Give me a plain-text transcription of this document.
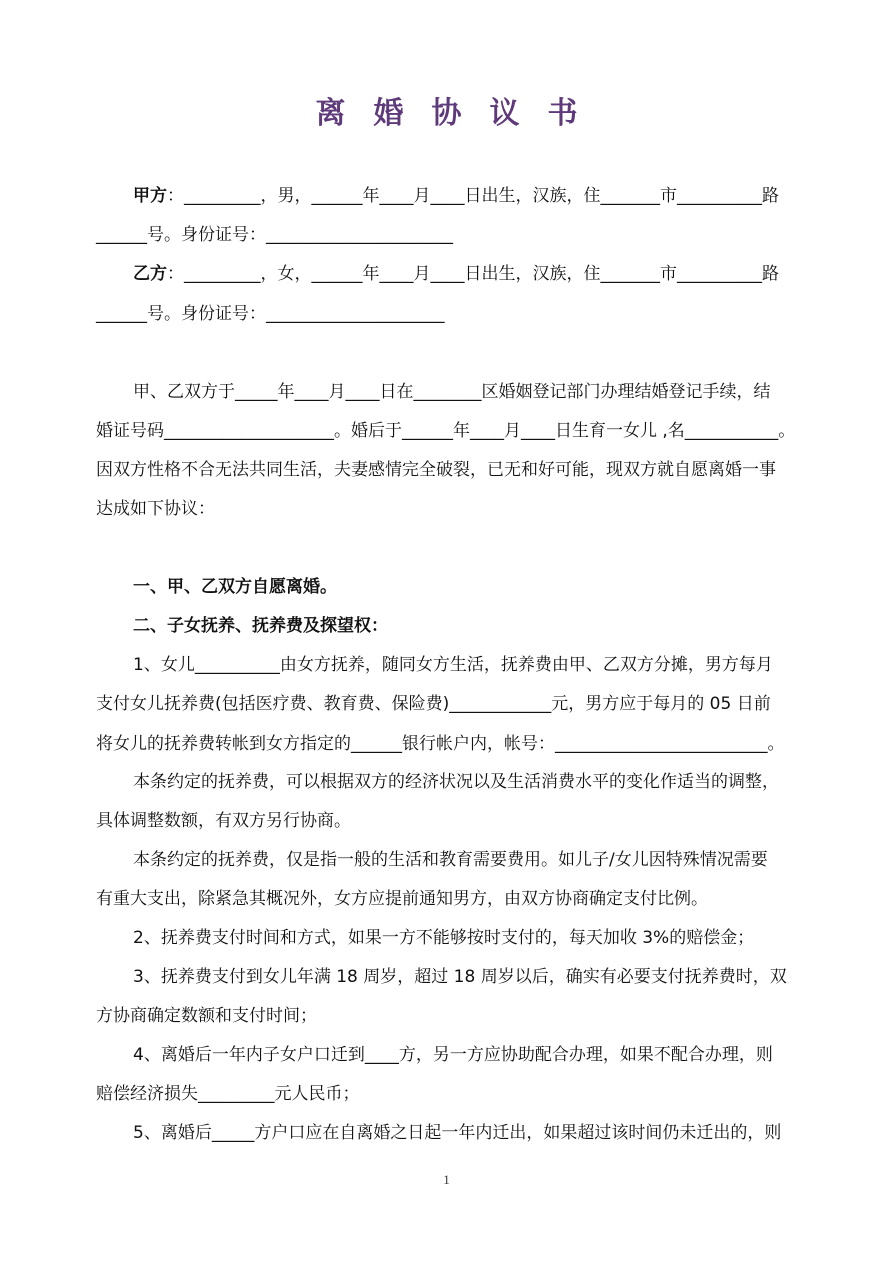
离婚协议书
甲方：_________，男，______年____月____日出生，汉族，住_______市__________路
______号。身份证号：______________________
乙方：_________，女，______年____月____日出生，汉族，住_______市__________路
______号。身份证号：_____________________
甲、乙双方于_____年____月____日在________区婚姻登记部门办理结婚登记手续，结
婚证号码____________________。婚后于______年____月____日生育一女儿 ,名___________。
因双方性格不合无法共同生活，夫妻感情完全破裂，已无和好可能，现双方就自愿离婚一事
达成如下协议：
一、甲、乙双方自愿离婚。
二、子女抚养、抚养费及探望权：
1、女儿__________由女方抚养，随同女方生活，抚养费由甲、乙双方分摊，男方每月
支付女儿抚养费(包括医疗费、教育费、保险费)____________元，男方应于每月的 05 日前
将女儿的抚养费转帐到女方指定的______银行帐户内，帐号：_________________________。
本条约定的抚养费，可以根据双方的经济状况以及生活消费水平的变化作适当的调整，
具体调整数额，有双方另行协商。
本条约定的抚养费，仅是指一般的生活和教育需要费用。如儿子/女儿因特殊情况需要
有重大支出，除紧急其概况外，女方应提前通知男方，由双方协商确定支付比例。
2、抚养费支付时间和方式，如果一方不能够按时支付的，每天加收 3%的赔偿金；
3、抚养费支付到女儿年满 18 周岁，超过 18 周岁以后，确实有必要支付抚养费时，双
方协商确定数额和支付时间；
4、离婚后一年内子女户口迁到____方，另一方应协助配合办理，如果不配合办理，则
赔偿经济损失_________元人民币；
5、离婚后_____方户口应在自离婚之日起一年内迁出，如果超过该时间仍未迁出的，则
1
